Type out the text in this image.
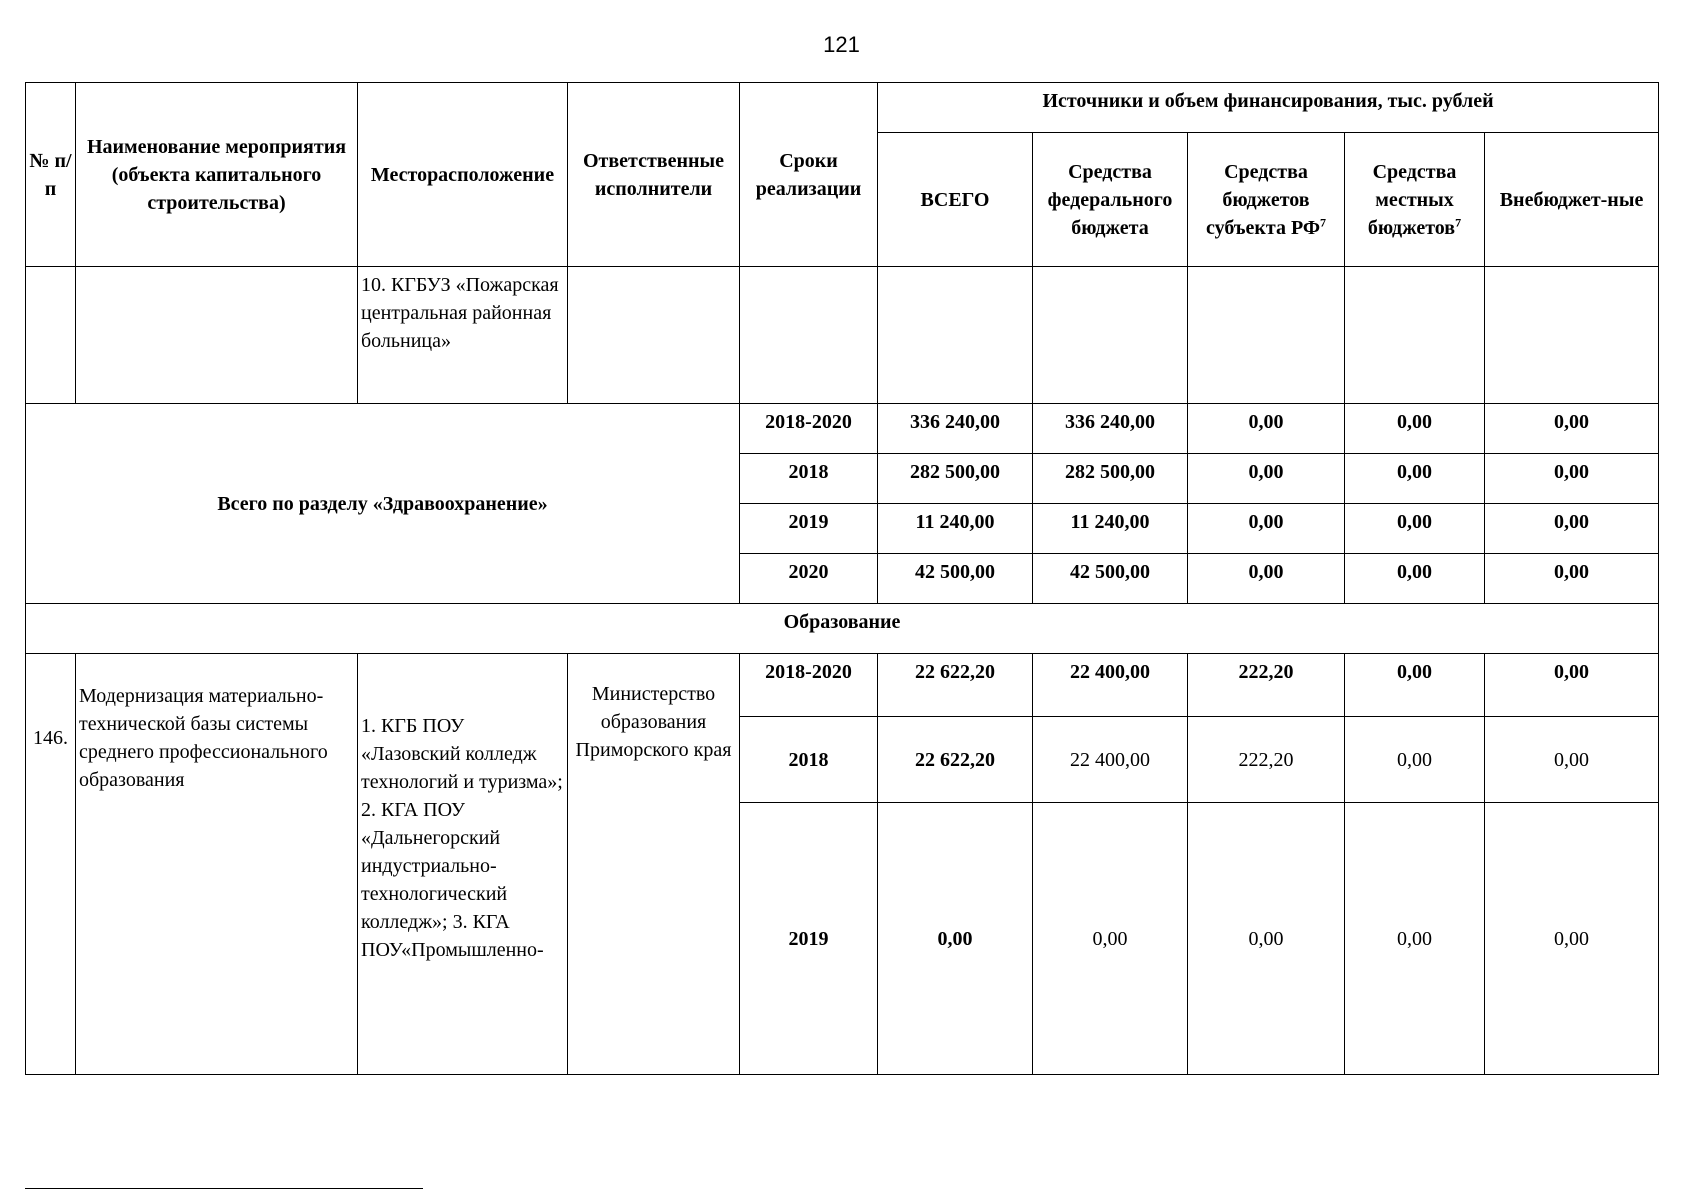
121
№ п/п	Наименование мероприятия (объекта капитального строительства)	Месторасположение	Ответственные исполнители	Сроки реализации	Источники и объем финансирования, тыс. рублей				
					ВСЕГО	Средства федерального бюджета	Средства бюджетов субъекта $РФ^7$	Средства местных бюджетов$^7$	Внебюджет-ные
		10. КГБУЗ «Пожарская центральная районная больница»							
Всего по разделу «Здравоохранение»				2018-2020	336 240,00	336 240,00	0,00	0,00	0,00
				2018	282 500,00	282 500,00	0,00	0,00	0,00
				2019	11 240,00	11 240,00	0,00	0,00	0,00
				2020	42 500,00	42 500,00	0,00	0,00	0,00
Образование									
146.	Модернизация материально-технической базы системы среднего профессионального образования	1. КГБ ПОУ «Лазовский колледж технологий и туризма»; 2. КГА ПОУ «Дальнегорский индустриально-технологический колледж»; 3. КГА ПОУ«Промышленно-	Министерство образования Приморского края	2018-2020	22 622,20	22 400,00	222,20	0,00	0,00
				2018	22 622,20	22 400,00	222,20	0,00	0,00
				2019	0,00	0,00	0,00	0,00	0,00
